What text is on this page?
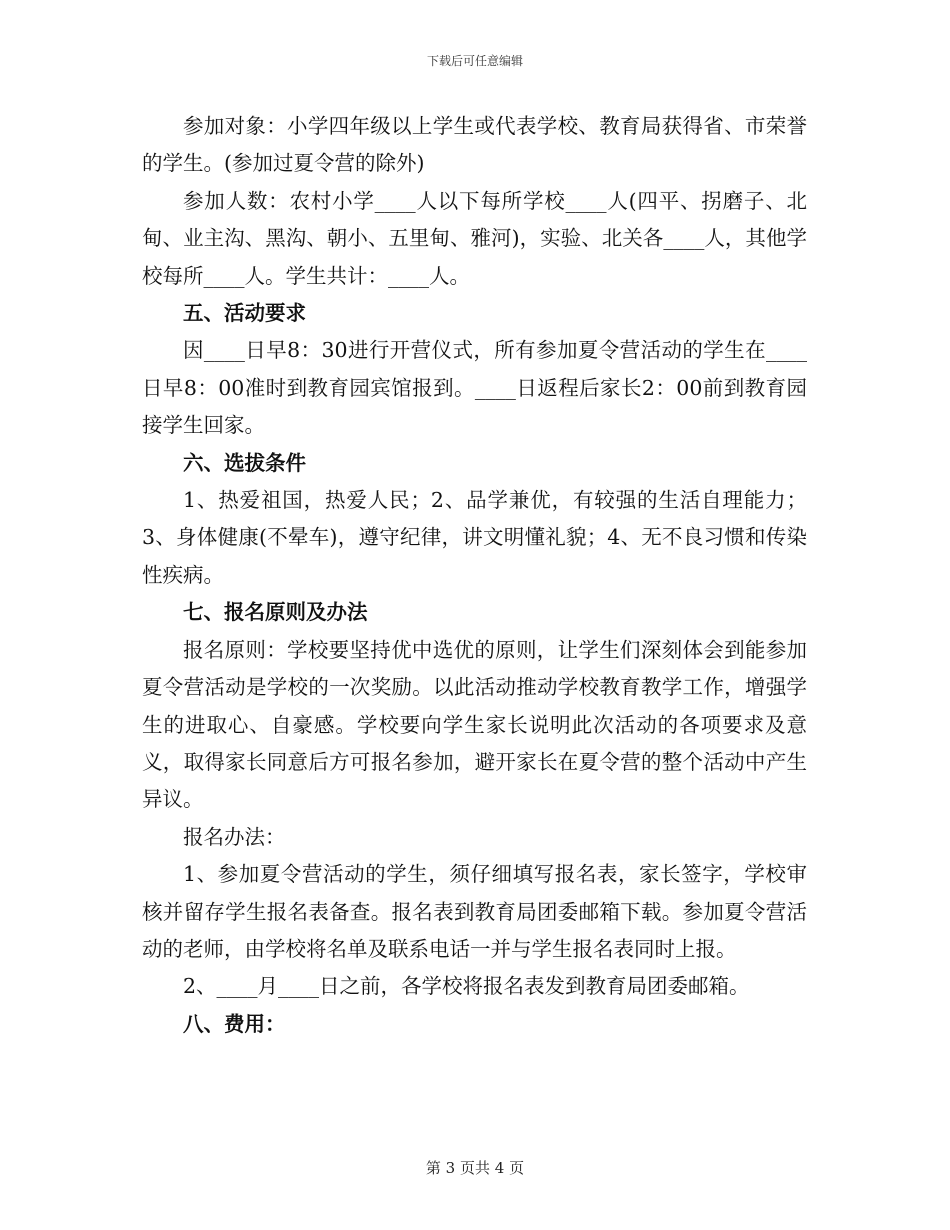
下载后可任意编辑

参加对象：小学四年级以上学生或代表学校、教育局获得省、市荣誉的学生。(参加过夏令营的除外)

参加人数：农村小学____人以下每所学校____人(四平、拐磨子、北甸、业主沟、黑沟、朝小、五里甸、雅河)，实验、北关各____人，其他学校每所____人。学生共计：____人。

五、活动要求

因____日早8：30进行开营仪式，所有参加夏令营活动的学生在____日早8：00准时到教育园宾馆报到。____日返程后家长2：00前到教育园接学生回家。

六、选拔条件

1、热爱祖国，热爱人民；2、品学兼优，有较强的生活自理能力；3、身体健康(不晕车)，遵守纪律，讲文明懂礼貌；4、无不良习惯和传染性疾病。

七、报名原则及办法

报名原则：学校要坚持优中选优的原则，让学生们深刻体会到能参加夏令营活动是学校的一次奖励。以此活动推动学校教育教学工作，增强学生的进取心、自豪感。学校要向学生家长说明此次活动的各项要求及意义，取得家长同意后方可报名参加，避开家长在夏令营的整个活动中产生异议。

报名办法：

1、参加夏令营活动的学生，须仔细填写报名表，家长签字，学校审核并留存学生报名表备查。报名表到教育局团委邮箱下载。参加夏令营活动的老师，由学校将名单及联系电话一并与学生报名表同时上报。

2、____月____日之前，各学校将报名表发到教育局团委邮箱。

八、费用：

第 3 页共 4 页
